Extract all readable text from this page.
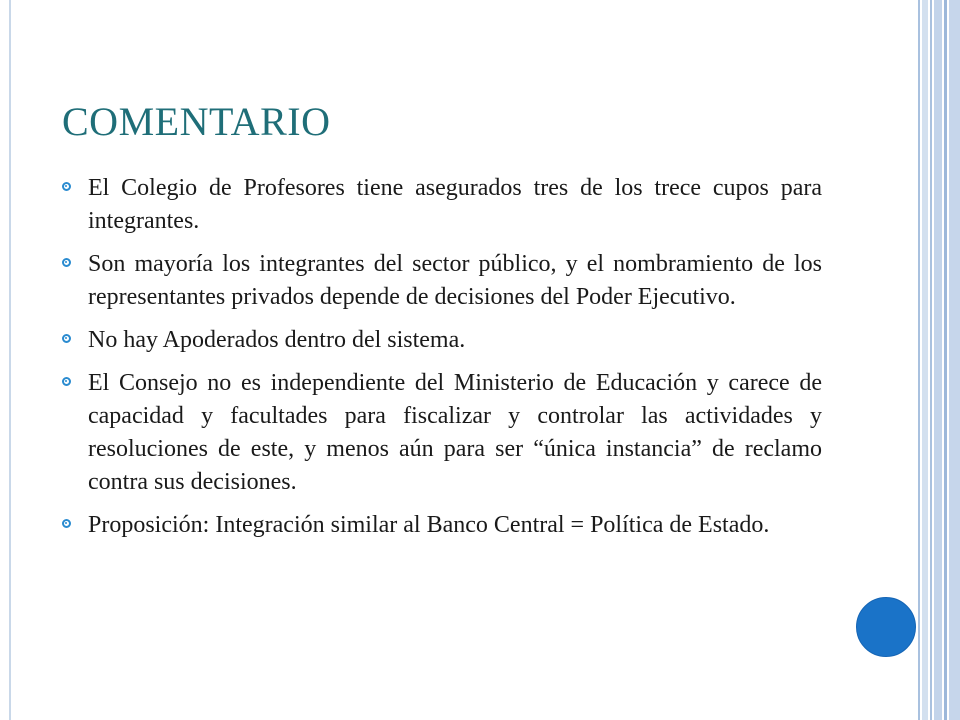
COMENTARIO
El Colegio de Profesores tiene asegurados tres de los trece cupos para integrantes.
Son mayoría los integrantes del sector público, y el nombramiento de los representantes privados depende de decisiones del Poder Ejecutivo.
No hay Apoderados dentro del sistema.
El Consejo no es independiente del Ministerio de Educación y carece de capacidad y facultades para fiscalizar y controlar las actividades y resoluciones de este, y menos aún para ser “única instancia” de reclamo contra sus decisiones.
Proposición: Integración similar al Banco Central = Política de Estado.
